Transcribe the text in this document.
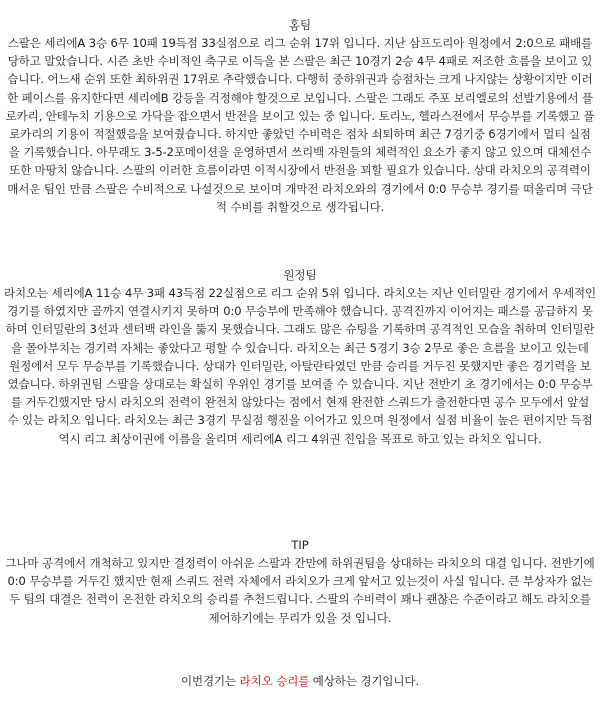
홈팀

스팔은 세리에A 3승 6무 10패 19득점 33실점으로 리그 순위 17위 입니다. 지난 삼프도리아 원정에서 2:0으로 패배를 당하고 말았습니다. 시즌 초반 수비적인 축구로 이득을 본 스팔은 최근 10경기 2승 4무 4패로 저조한 흐름을 보이고 있습니다. 어느새 순위 또한 최하위권 17위로 추락했습니다. 다행히 중하위권과 승점차는 크게 나지않는 상황이지만 이러한 페이스를 유지한다면 세리에B 강등을 걱정해야 할것으로 보입니다. 스팔은 그래도 주포 보리엘로의 선발기용에서 플로카리, 안테누치 기용으로 가닥을 잡으면서 반전을 보이고 있는 중 입니다. 토리노, 헬라스전에서 무승부를 기록했고 플로카리의 기용이 적절했음을 보여줬습니다. 하지만 좋았던 수비력은 점차 쇠퇴하며 최근 7경기중 6경기에서 멀티 실점을 기록했습니다. 아무래도 3-5-2포메이션을 운영하면서 쓰리백 자원들의 체력적인 요소가 좋지 않고 있으며 대체선수 또한 마땅치 않습니다. 스팔의 이러한 흐름이라면 이적시장에서 반전을 꾀할 필요가 있습니다. 상대 라치오의 공격력이 매서운 팀인 만큼 스팔은 수비적으로 나설것으로 보이며 개막전 라치오와의 경기에서 0:0 무승부 경기를 떠올리며 극단적 수비를 취할것으로 생각됩니다.

원정팀

라치오는 세리에A 11승 4무 3패 43득점 22실점으로 리그 순위 5위 입니다. 라치오는 지난 인터밀란 경기에서 우세적인 경기를 하였지만 골까지 연결시키지 못하며 0:0 무승부에 만족해야 했습니다. 공격진까지 이어지는 패스를 공급하지 못하며 인터밀란의 3선과 센터백 라인을 뚫지 못했습니다. 그래도 많은 슈팅을 기록하며 공격적인 모습을 취하며 인터밀란을 몰아부치는 경기력 자체는 좋았다고 평할 수 있습니다. 라치오는 최근 5경기 3승 2무로 좋은 흐름을 보이고 있는데 원정에서 모두 무승부를 기록했습니다. 상대가 인터밀란, 아탈란타였던 만큼 승리를 거두진 못했지만 좋은 경기력을 보였습니다. 하위권팀 스팔을 상대로는 확실히 우위인 경기를 보여줄 수 있습니다. 지난 전반기 초 경기에서는 0:0 무승부를 거두긴했지만 당시 라치오의 전력이 완전치 않았다는 점에서 현재 완전한 스쿼드가 출전한다면 공수 모두에서 앞설 수 있는 라치오 입니다. 라치오는 최근 3경기 무실점 행진을 이어가고 있으며 원정에서 실점 비율이 높은 편이지만 득점 역시 리그 최상이권에 이름을 올리며 세리에A 리그 4위권 진입을 목표로 하고 있는 라치오 입니다.

TIP

그나마 공격에서 개척하고 있지만 결정력이 아쉬운 스팔과 간만에 하위권팀을 상대하는 라치오의 대결 입니다. 전반기에 0:0 무승부를 거두긴 했지만 현재 스쿼드 전력 자체에서 라치오가 크게 앞서고 있는것이 사실 입니다. 큰 부상자가 없는 두 팀의 대결은 전력이 온전한 라치오의 승리를 추천드립니다. 스팔의 수비력이 꽤나 괜찮은 수준이라고 해도 라치오를 제어하기에는 무리가 있을 것 입니다.

이번경기는 라치오 승리를 예상하는 경기입니다.
